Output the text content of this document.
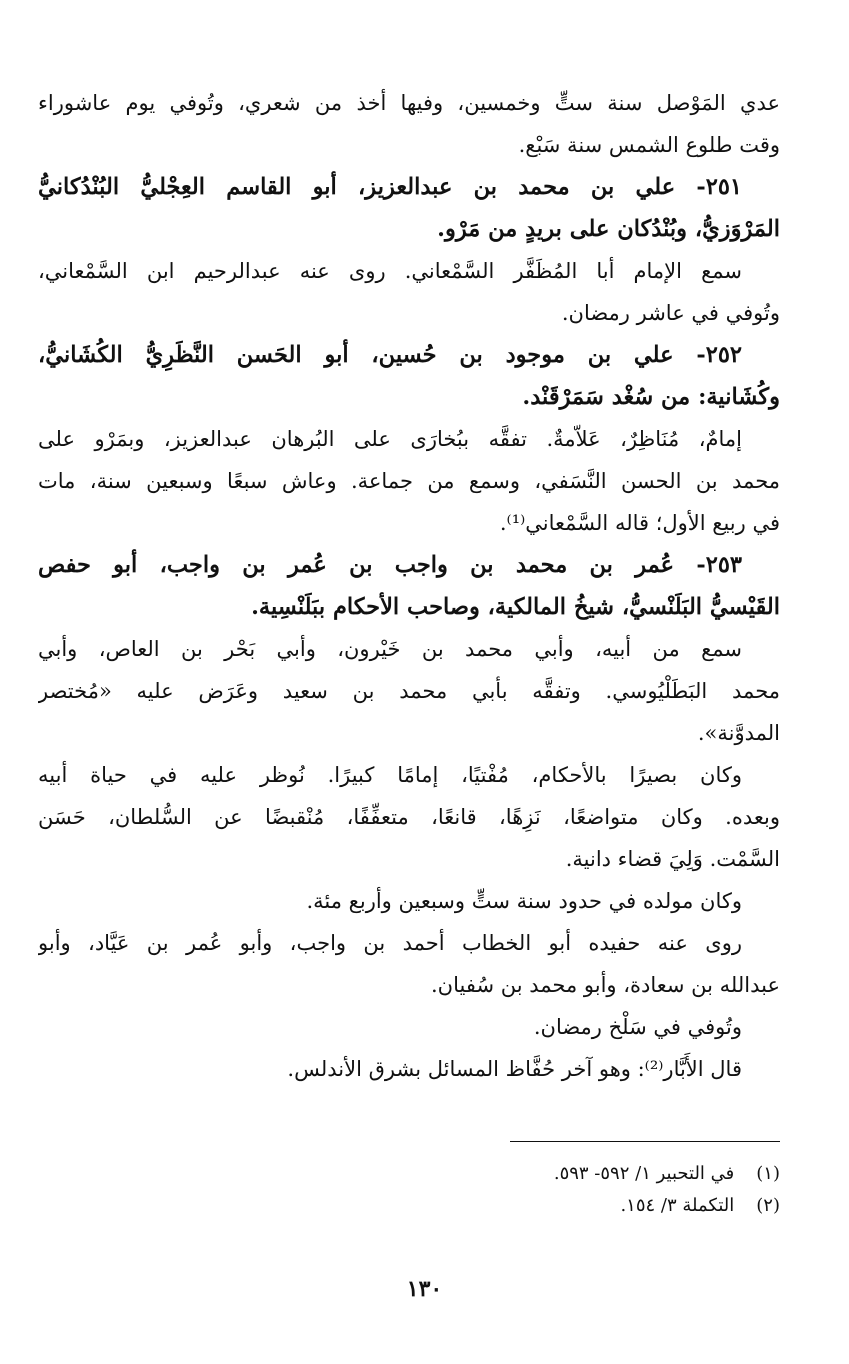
عدي المَوْصل سنة ستٍّ وخمسين، وفيها أخذ من شعري، وتُوفي يوم عاشوراء
وقت طلوع الشمس سنة سَبْع.
٢٥١- علي بن محمد بن عبدالعزيز، أبو القاسم العِجْليُّ البُنْدُكانيُّ
المَرْوَزيُّ، وبُنْدُكان على بريدٍ من مَرْو.
سمع الإمام أبا المُظَفَّر السَّمْعاني. روى عنه عبدالرحيم ابن السَّمْعاني،
وتُوفي في عاشر رمضان.
٢٥٢- علي بن موجود بن حُسين، أبو الحَسن النَّظَرِيُّ الكُشَانيُّ،
وكُشَانية: من سُغْد سَمَرْقَنْد.
إمامٌ، مُنَاظِرٌ، عَلاّمةٌ. تفقَّه ببُخارَى على البُرهان عبدالعزيز، وبمَرْو على
محمد بن الحسن النَّسَفي، وسمع من جماعة. وعاش سبعًا وسبعين سنة، مات
في ربيع الأول؛ قاله السَّمْعاني⁽¹⁾.
٢٥٣- عُمر بن محمد بن واجب بن عُمر بن واجب، أبو حفص
القَيْسيُّ البَلَنْسيُّ، شيخُ المالكية، وصاحب الأحكام ببَلَنْسِية.
سمع من أبيه، وأبي محمد بن خَيْرون، وأبي بَحْر بن العاص، وأبي
محمد البَطَلْيُوسي. وتفقَّه بأبي محمد بن سعيد وعَرَض عليه «مُختصر
المدوَّنة».
وكان بصيرًا بالأحكام، مُفْتيًا، إمامًا كبيرًا. نُوظر عليه في حياة أبيه
وبعده. وكان متواضعًا، نَزِهًا، قانعًا، متعفِّفًا، مُنْقبضًا عن السُّلطان، حَسَن
السَّمْت. وَلِيَ قضاء دانية.
وكان مولده في حدود سنة ستٍّ وسبعين وأربع مئة.
روى عنه حفيده أبو الخطاب أحمد بن واجب، وأبو عُمر بن عَيَّاد، وأبو
عبدالله بن سعادة، وأبو محمد بن سُفيان.
وتُوفي في سَلْخ رمضان.
قال الأَبَّار⁽²⁾: وهو آخر حُفَّاظ المسائل بشرق الأندلس.
(١) في التحبير ١/ ٥٩٢- ٥٩٣.
(٢) التكملة ٣/ ١٥٤.
١٣٠
